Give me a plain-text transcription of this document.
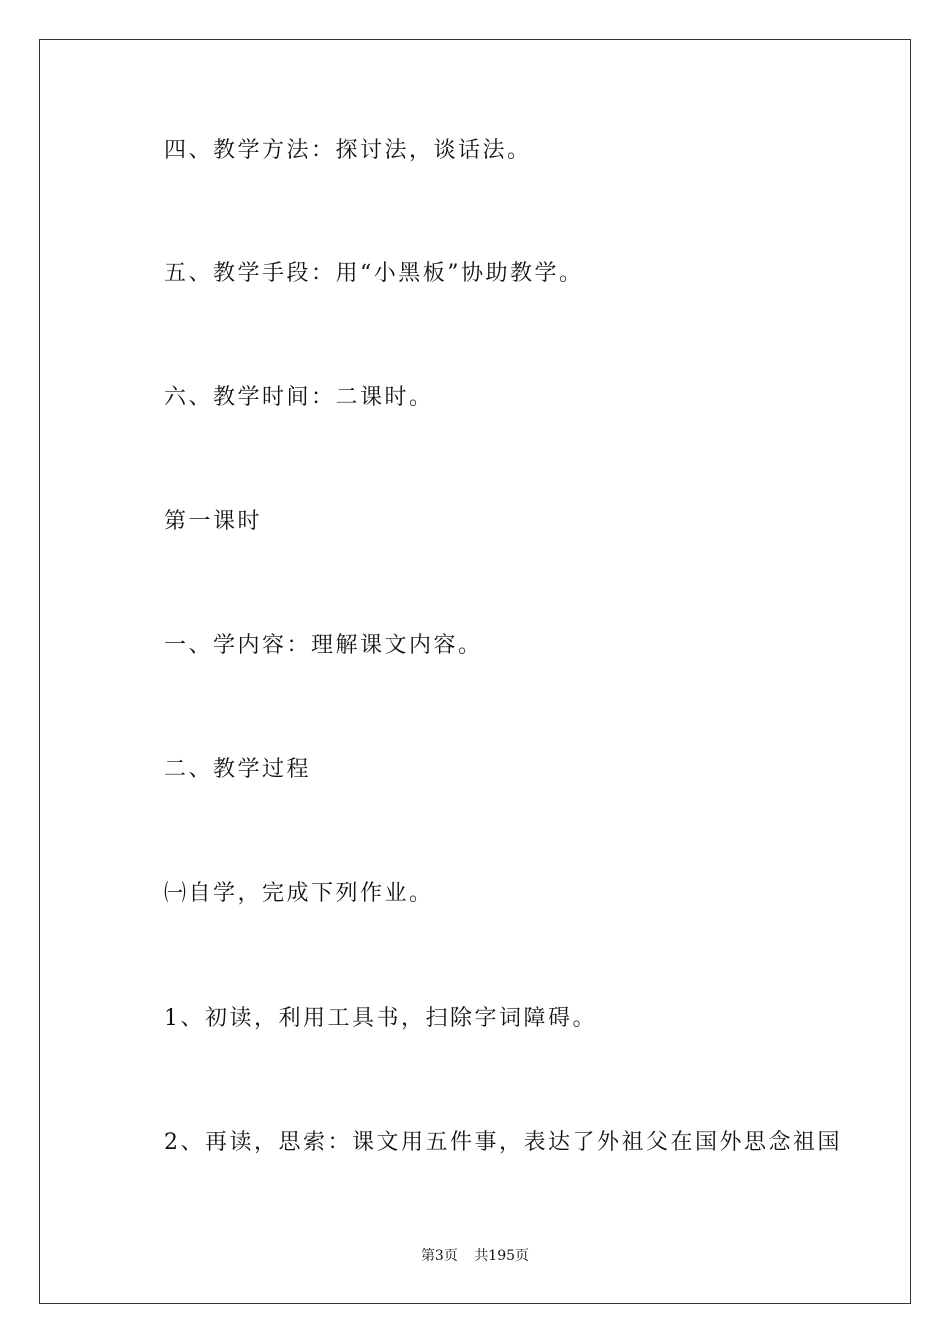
四、教学方法：探讨法，谈话法。
五、教学手段：用“小黑板”协助教学。
六、教学时间：二课时。
第一课时
一、学内容：理解课文内容。
二、教学过程
㈠自学，完成下列作业。
1、初读，利用工具书，扫除字词障碍。
2、再读，思索：课文用五件事，表达了外祖父在国外思念祖国
第3页 共195页
